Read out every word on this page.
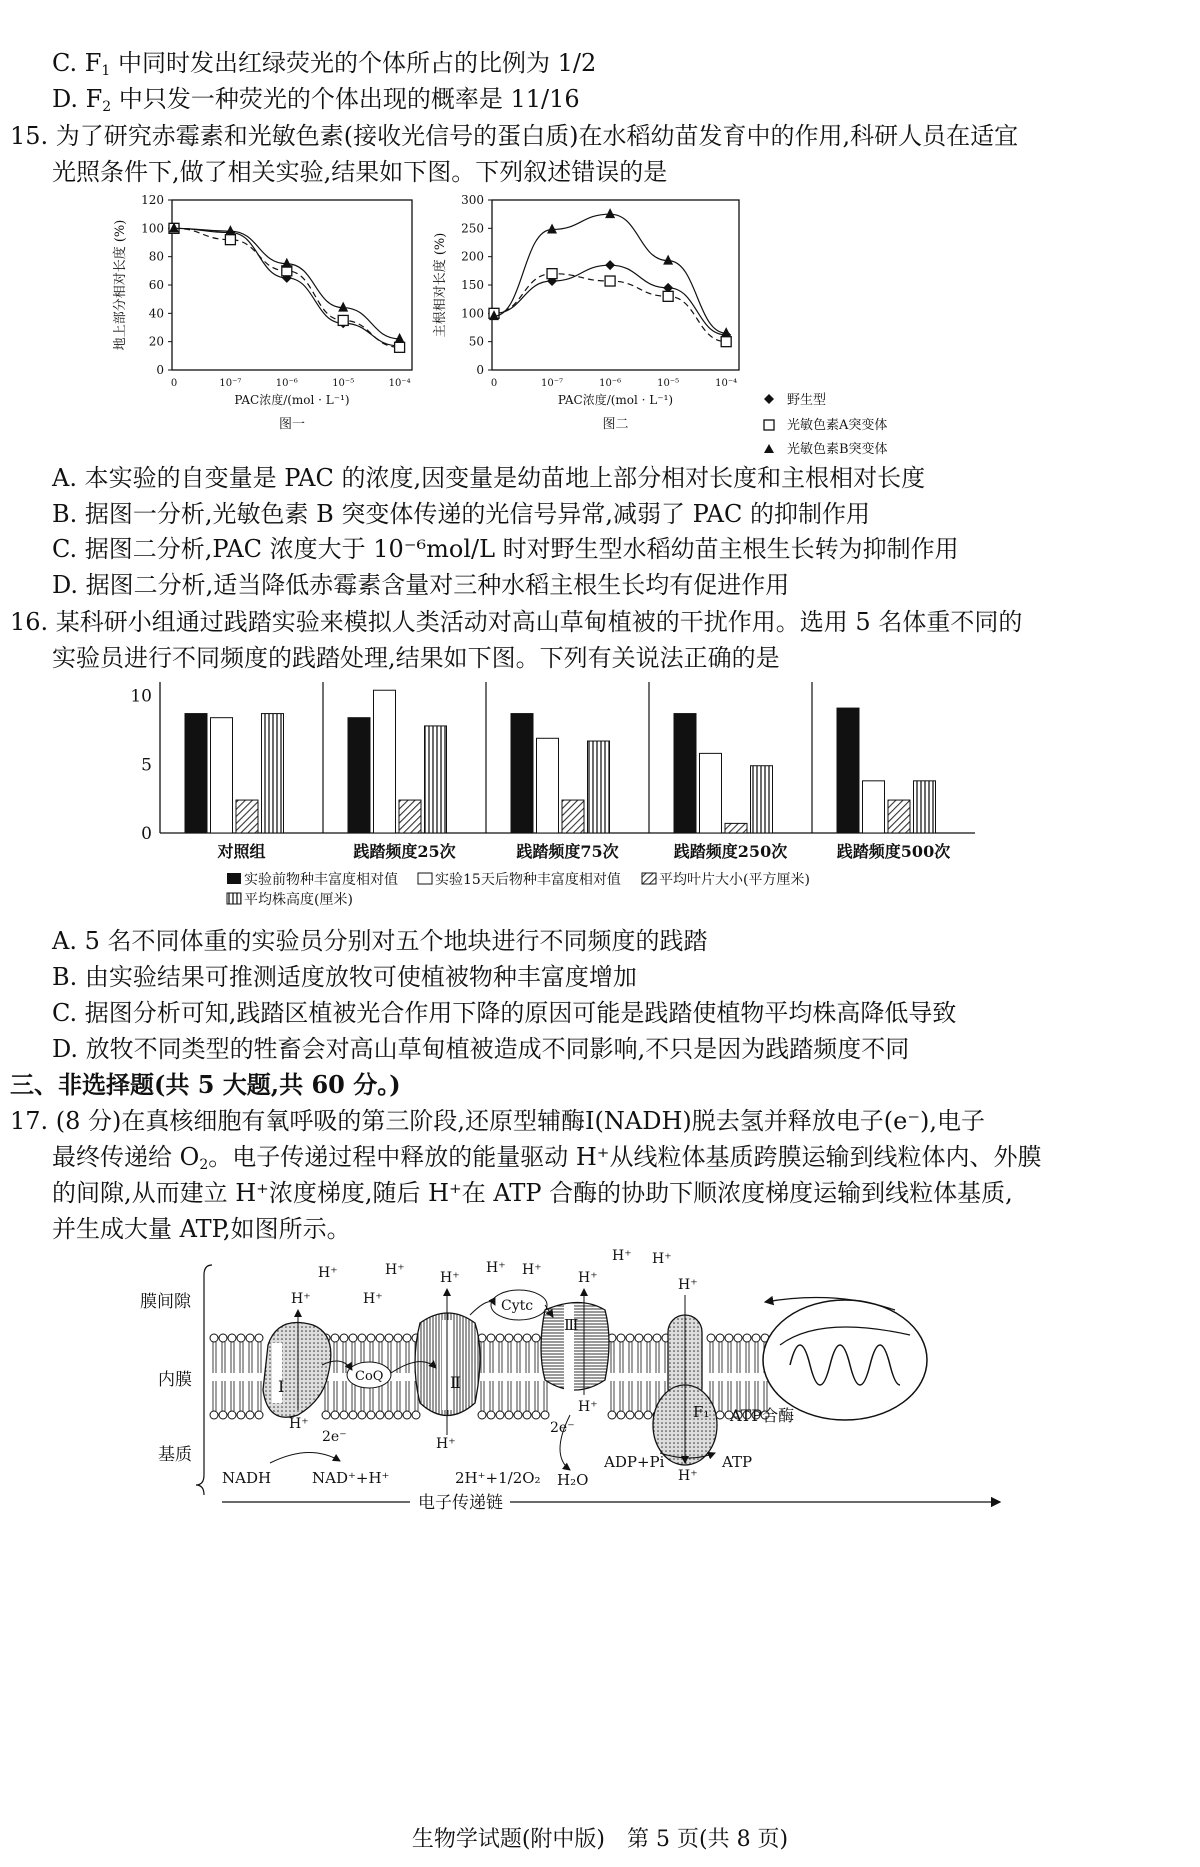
C. $F_1$ 中同时发出红绿荧光的个体所占的比例为 1/2
D. $F_2$ 中只发一种荧光的个体出现的概率是 11/16
15. 为了研究赤霉素和光敏色素(接收光信号的蛋白质)在水稻幼苗发育中的作用,科研人员在适宜
光照条件下,做了相关实验,结果如下图。下列叙述错误的是
0
20
40
60
80
100
120
0	10⁻⁷	10⁻⁶	10⁻⁵	10⁻⁴
PAC浓度/(mol · L⁻¹)
图一
地上部分相对长度 (%)
0
50
100
150
200
250
300
0	10⁻⁷	10⁻⁶	10⁻⁵	10⁻⁴
PAC浓度/(mol · L⁻¹)
图二
主根相对长度 (%)
野生型
光敏色素A突变体
光敏色素B突变体
A. 本实验的自变量是 PAC 的浓度,因变量是幼苗地上部分相对长度和主根相对长度
B. 据图一分析,光敏色素 B 突变体传递的光信号异常,减弱了 PAC 的抑制作用
C. 据图二分析,PAC 浓度大于 10⁻⁶mol/L 时对野生型水稻幼苗主根生长转为抑制作用
D. 据图二分析,适当降低赤霉素含量对三种水稻主根生长均有促进作用
16. 某科研小组通过践踏实验来模拟人类活动对高山草甸植被的干扰作用。选用 5 名体重不同的
实验员进行不同频度的践踏处理,结果如下图。下列有关说法正确的是
0
5
10
对照组	践踏频度25次	践踏频度75次	践踏频度250次	践踏频度500次
实验前物种丰富度相对值	实验15天后物种丰富度相对值	平均叶片大小(平方厘米)
平均株高度(厘米)
A. 5 名不同体重的实验员分别对五个地块进行不同频度的践踏
B. 由实验结果可推测适度放牧可使植被物种丰富度增加
C. 据图分析可知,践踏区植被光合作用下降的原因可能是践踏使植物平均株高降低导致
D. 放牧不同类型的牲畜会对高山草甸植被造成不同影响,不只是因为践踏频度不同
三、非选择题(共 5 大题,共 60 分。)
17. (8 分)在真核细胞有氧呼吸的第三阶段,还原型辅酶Ⅰ(NADH)脱去氢并释放电子(e⁻),电子
最终传递给 $O_2$。电子传递过程中释放的能量驱动 H⁺从线粒体基质跨膜运输到线粒体内、外膜
的间隙,从而建立 H⁺浓度梯度,随后 H⁺在 ATP 合酶的协助下顺浓度梯度运输到线粒体基质,
并生成大量 ATP,如图所示。
膜间隙
内膜
基质
Ⅰ
CoQ	Ⅱ
Cytc
Ⅲ
F₁ ATP合酶
H⁺	H⁺
H⁺
H⁺
H⁺ H⁺
H⁺
H⁺ H⁺
H⁺	H⁺
H⁺
H⁺
H⁺
H⁺
2e⁻
NADH	NAD⁺+H⁺
2e⁻
2H⁺+1/2O₂ H₂O
ADP+Pi	ATP
电子传递链
生物学试题(附中版)　第 5 页(共 8 页)
